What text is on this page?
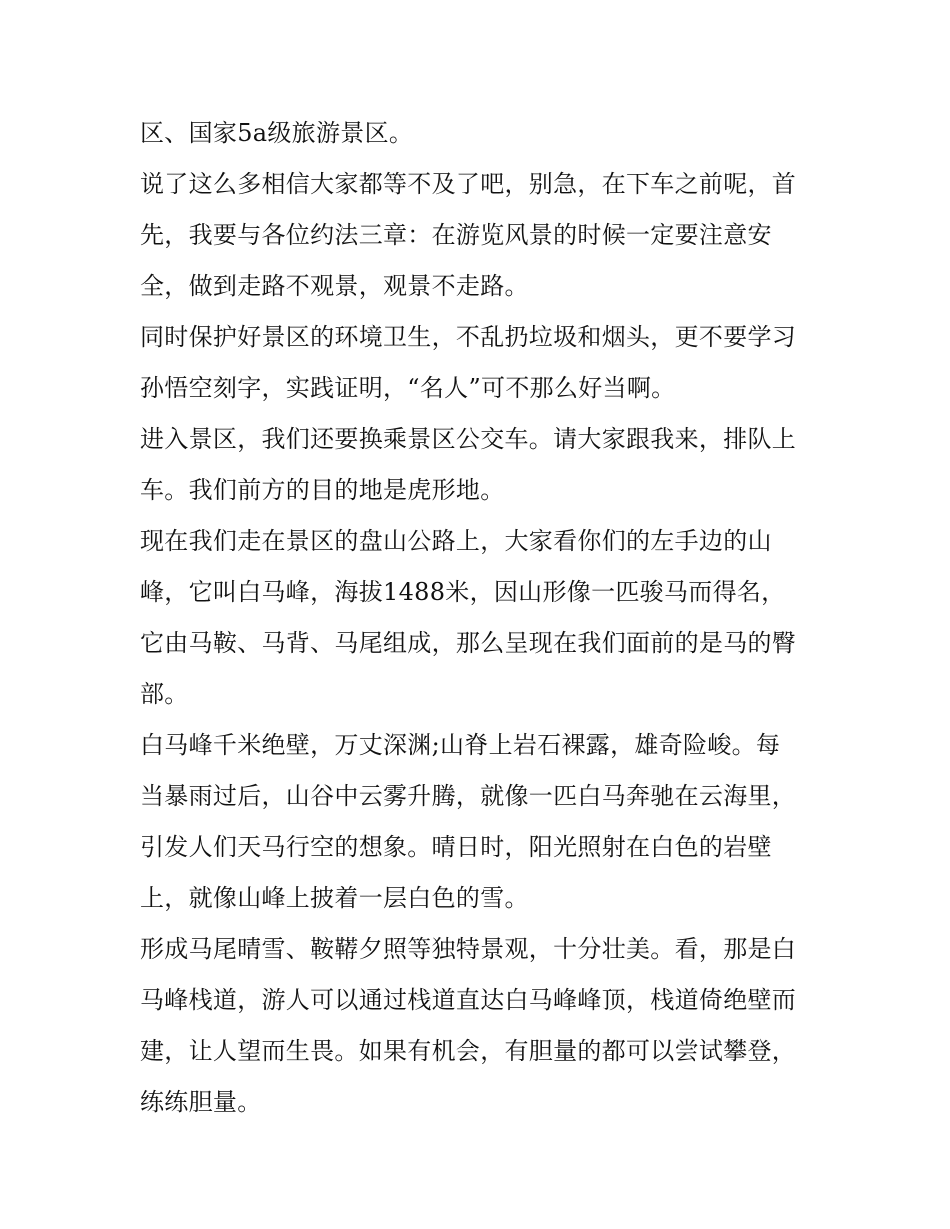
区、国家5a级旅游景区。

说了这么多相信大家都等不及了吧，别急，在下车之前呢，首
先，我要与各位约法三章：在游览风景的时候一定要注意安
全，做到走路不观景，观景不走路。

同时保护好景区的环境卫生，不乱扔垃圾和烟头，更不要学习
孙悟空刻字，实践证明，“名人”可不那么好当啊。

进入景区，我们还要换乘景区公交车。请大家跟我来，排队上
车。我们前方的目的地是虎形地。

现在我们走在景区的盘山公路上，大家看你们的左手边的山
峰，它叫白马峰，海拔1488米，因山形像一匹骏马而得名，
它由马鞍、马背、马尾组成，那么呈现在我们面前的是马的臀
部。

白马峰千米绝壁，万丈深渊;山脊上岩石裸露，雄奇险峻。每
当暴雨过后，山谷中云雾升腾，就像一匹白马奔驰在云海里，
引发人们天马行空的想象。晴日时，阳光照射在白色的岩壁
上，就像山峰上披着一层白色的雪。

形成马尾晴雪、鞍鞯夕照等独特景观，十分壮美。看，那是白
马峰栈道，游人可以通过栈道直达白马峰峰顶，栈道倚绝壁而
建，让人望而生畏。如果有机会，有胆量的都可以尝试攀登，
练练胆量。
